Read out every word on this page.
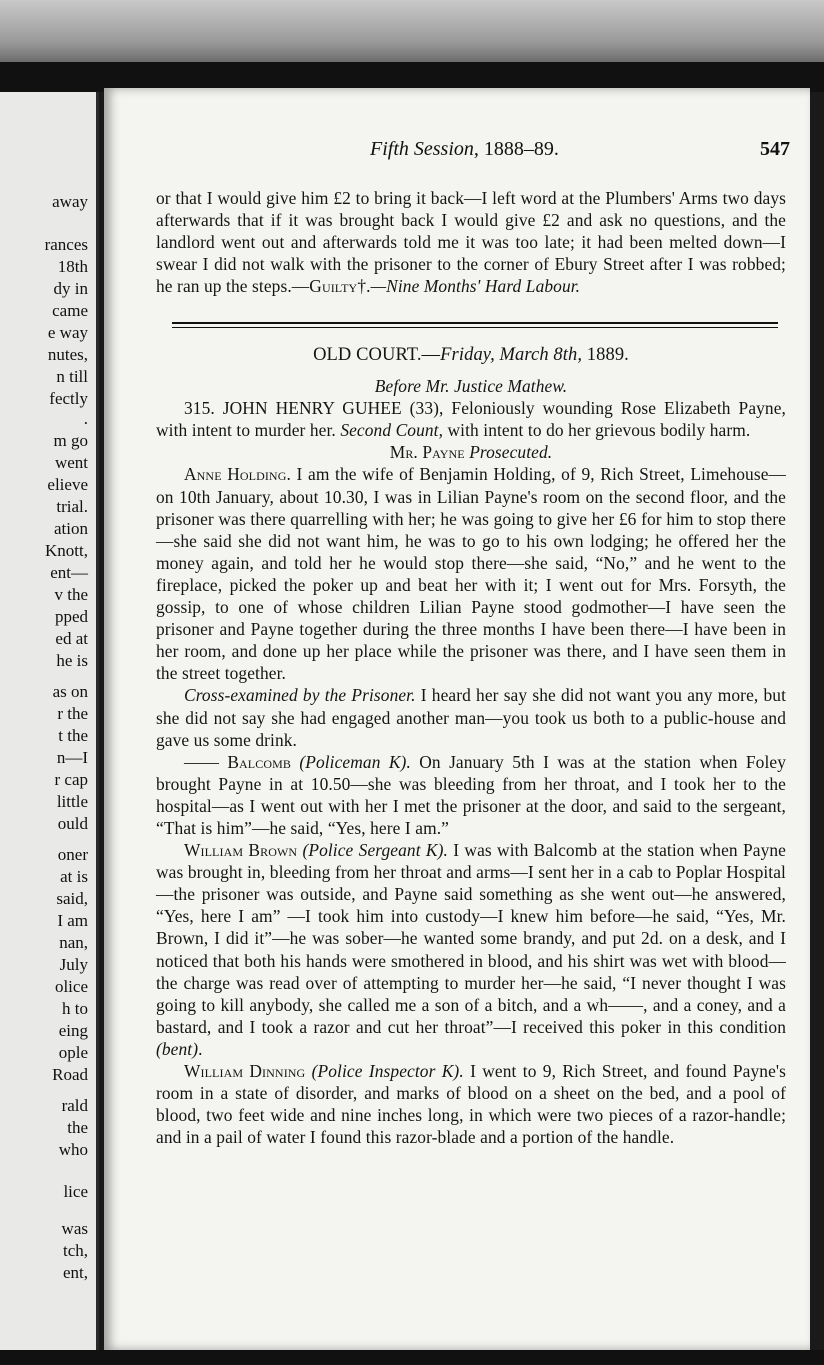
away
rances
18th
dy in
came
e way
nutes,
n till
fectly
.
m go
went
elieve
trial.
ation
Knott,
ent—
v the
pped
ed at
he is
as on
r the
t the
n—I
r cap
little
ould
oner
at is
said,
I am
nan,
July
olice
h to
eing
ople
Road
rald
the
who
lice
was
tch,
ent,
Fifth Session, 1888–89.	547

or that I would give him £2 to bring it back—I left word at the Plumbers' Arms two days afterwards that if it was brought back I would give £2 and ask no questions, and the landlord went out and afterwards told me it was too late; it had been melted down—I swear I did not walk with the prisoner to the corner of Ebury Street after I was robbed; he ran up the steps.—Guilty†.—Nine Months' Hard Labour.

OLD COURT.—Friday, March 8th, 1889.

Before Mr. Justice Mathew.

315. JOHN HENRY GUHEE (33), Feloniously wounding Rose Elizabeth Payne, with intent to murder her. Second Count, with intent to do her grievous bodily harm.

Mr. Payne Prosecuted.

Anne Holding. I am the wife of Benjamin Holding, of 9, Rich Street, Limehouse—on 10th January, about 10.30, I was in Lilian Payne's room on the second floor, and the prisoner was there quarrelling with her; he was going to give her £6 for him to stop there—she said she did not want him, he was to go to his own lodging; he offered her the money again, and told her he would stop there—she said, “No,” and he went to the fireplace, picked the poker up and beat her with it; I went out for Mrs. Forsyth, the gossip, to one of whose children Lilian Payne stood godmother—I have seen the prisoner and Payne together during the three months I have been there—I have been in her room, and done up her place while the prisoner was there, and I have seen them in the street together.

Cross-examined by the Prisoner. I heard her say she did not want you any more, but she did not say she had engaged another man—you took us both to a public-house and gave us some drink.

—— Balcomb (Policeman K). On January 5th I was at the station when Foley brought Payne in at 10.50—she was bleeding from her throat, and I took her to the hospital—as I went out with her I met the prisoner at the door, and said to the sergeant, “That is him”—he said, “Yes, here I am.”

William Brown (Police Sergeant K). I was with Balcomb at the station when Payne was brought in, bleeding from her throat and arms—I sent her in a cab to Poplar Hospital—the prisoner was outside, and Payne said something as she went out—he answered, “Yes, here I am” —I took him into custody—I knew him before—he said, “Yes, Mr. Brown, I did it”—he was sober—he wanted some brandy, and put 2d. on a desk, and I noticed that both his hands were smothered in blood, and his shirt was wet with blood—the charge was read over of attempting to murder her—he said, “I never thought I was going to kill anybody, she called me a son of a bitch, and a wh——, and a coney, and a bastard, and I took a razor and cut her throat”—I received this poker in this condition (bent).

William Dinning (Police Inspector K). I went to 9, Rich Street, and found Payne's room in a state of disorder, and marks of blood on a sheet on the bed, and a pool of blood, two feet wide and nine inches long, in which were two pieces of a razor-handle; and in a pail of water I found this razor-blade and a portion of the handle.
